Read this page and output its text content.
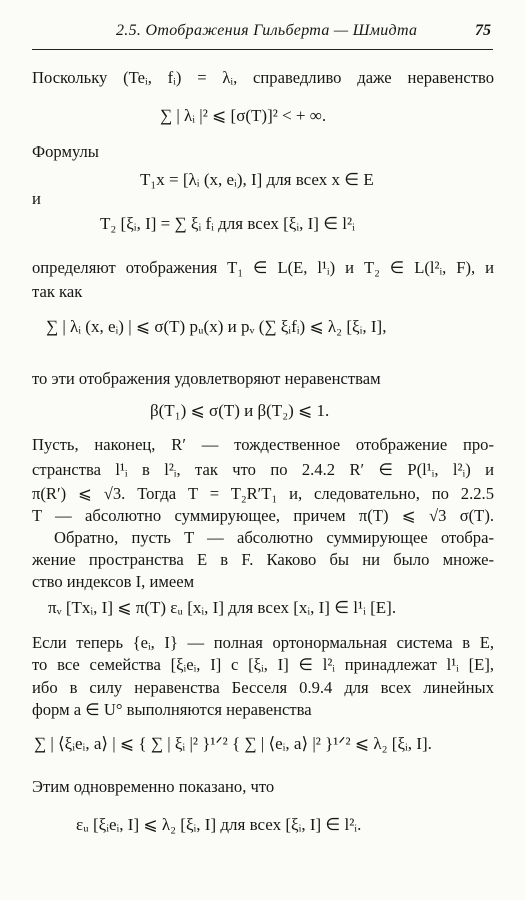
2.5. Отображения Гильберта — Шмидта	75
Поскольку (Teᵢ, fᵢ) = λᵢ, справедливо даже неравенство
∑ | λᵢ |² ⩽ [σ(T)]² < + ∞.
Формулы
T₁x = [λᵢ (x, eᵢ), I] для всех x ∈ E
и
T₂ [ξᵢ, I] = ∑ ξᵢ fᵢ для всех [ξᵢ, I] ∈ l²ᵢ
определяют отображения T₁ ∈ L(E, l¹ᵢ) и T₂ ∈ L(l²ᵢ, F), и
так как
∑ | λᵢ (x, eᵢ) | ⩽ σ(T) pᵤ(x) и pᵥ (∑ ξᵢfᵢ) ⩽ λ₂ [ξᵢ, I],
то эти отображения удовлетворяют неравенствам
β(T₁) ⩽ σ(T) и β(T₂) ⩽ 1.
Пусть, наконец, R′ — тождественное отображение про-
странства l¹ᵢ в l²ᵢ, так что по 2.4.2 R′ ∈ P(l¹ᵢ, l²ᵢ) и
π(R′) ⩽ √3. Тогда T = T₂R′T₁ и, следовательно, по 2.2.5
T — абсолютно суммирующее, причем π(T) ⩽ √3 σ(T).
Обратно, пусть T — абсолютно суммирующее отобра-
жение пространства E в F. Каково бы ни было множе-
ство индексов I, имеем
πᵥ [Txᵢ, I] ⩽ π(T) εᵤ [xᵢ, I] для всех [xᵢ, I] ∈ l¹ᵢ [E].
Если теперь {eᵢ, I} — полная ортонормальная система в E,
то все семейства [ξᵢeᵢ, I] с [ξᵢ, I] ∈ l²ᵢ принадлежат l¹ᵢ [E],
ибо в силу неравенства Бесселя 0.9.4 для всех линейных
форм a ∈ U° выполняются неравенства
∑ | ⟨ξᵢeᵢ, a⟩ | ⩽ { ∑ | ξᵢ |² }¹ᐟ² { ∑ | ⟨eᵢ, a⟩ |² }¹ᐟ² ⩽ λ₂ [ξᵢ, I].
Этим одновременно показано, что
εᵤ [ξᵢeᵢ, I] ⩽ λ₂ [ξᵢ, I] для всех [ξᵢ, I] ∈ l²ᵢ.
